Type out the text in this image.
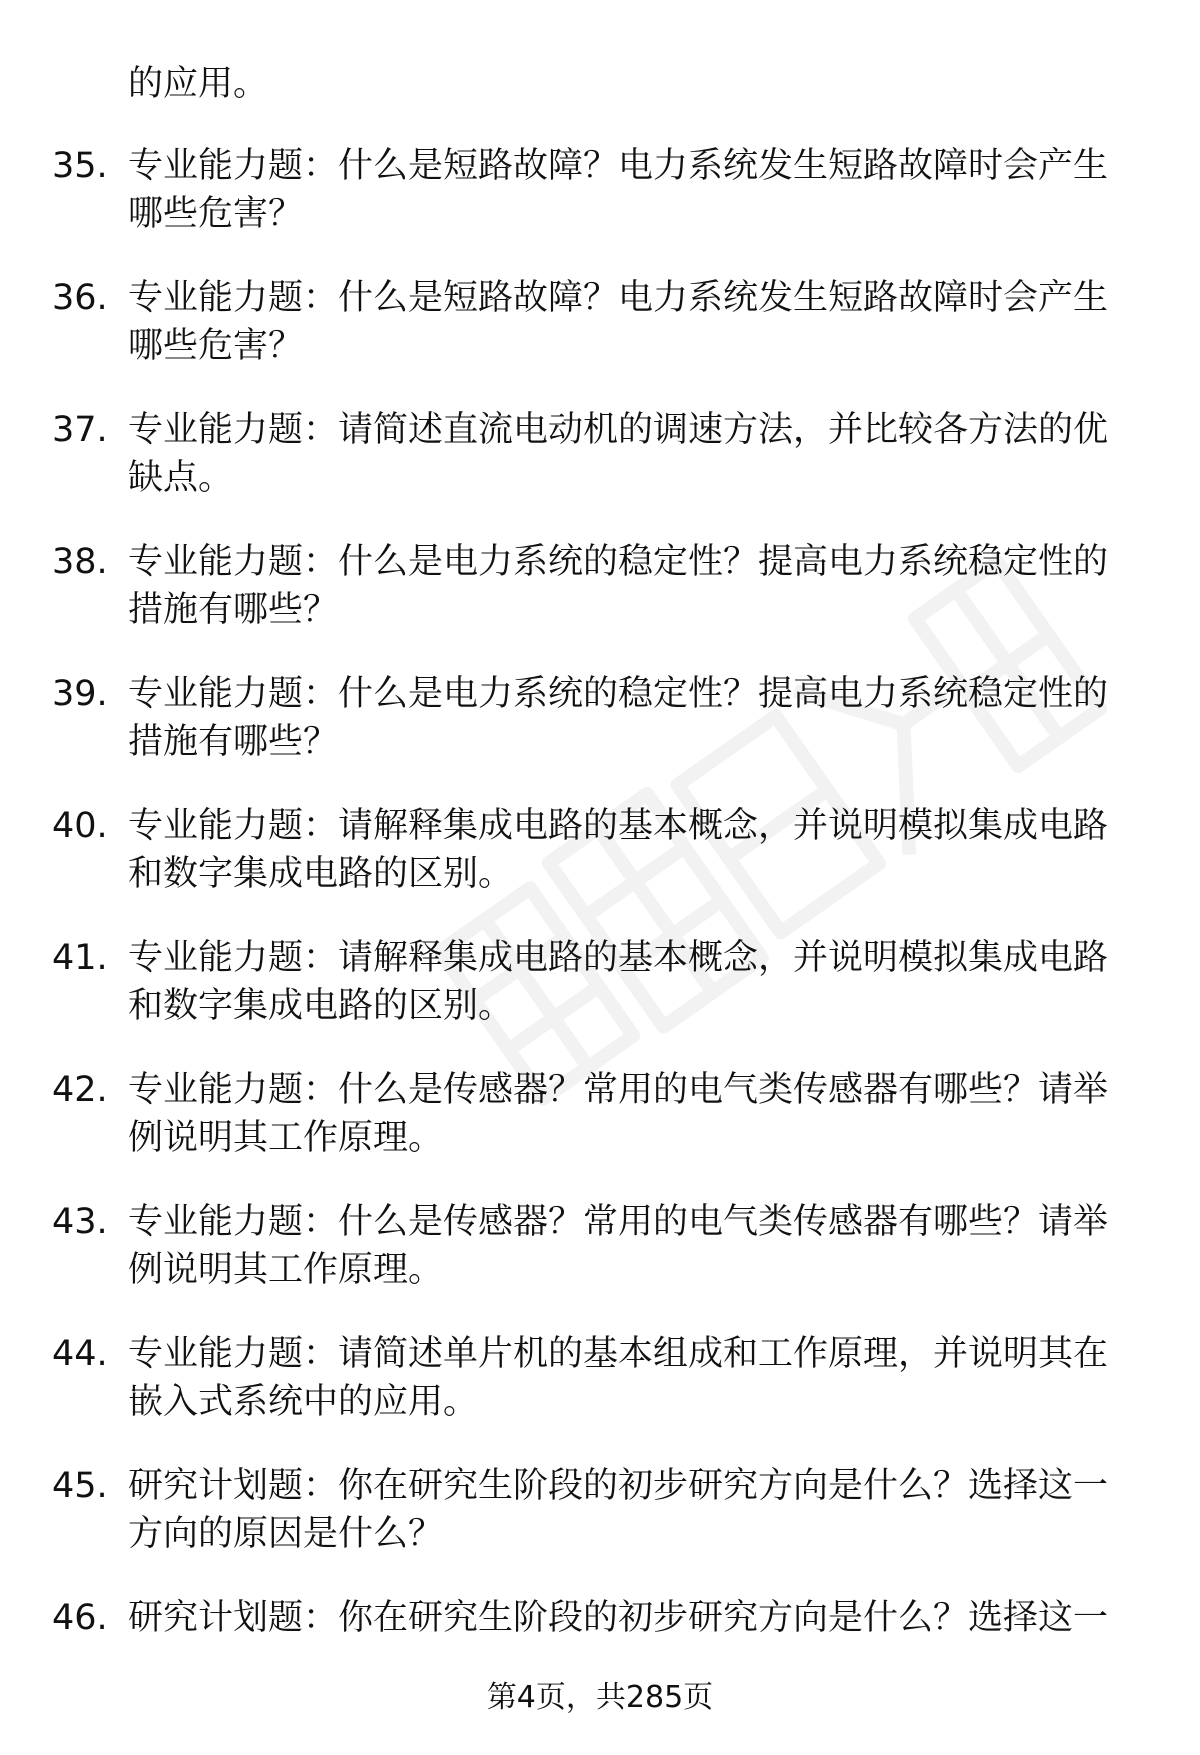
的应用。
35. 专业能力题：什么是短路故障？电力系统发生短路故障时会产生哪些危害？
36. 专业能力题：什么是短路故障？电力系统发生短路故障时会产生哪些危害？
37. 专业能力题：请简述直流电动机的调速方法，并比较各方法的优缺点。
38. 专业能力题：什么是电力系统的稳定性？提高电力系统稳定性的措施有哪些？
39. 专业能力题：什么是电力系统的稳定性？提高电力系统稳定性的措施有哪些？
40. 专业能力题：请解释集成电路的基本概念，并说明模拟集成电路和数字集成电路的区别。
41. 专业能力题：请解释集成电路的基本概念，并说明模拟集成电路和数字集成电路的区别。
42. 专业能力题：什么是传感器？常用的电气类传感器有哪些？请举例说明其工作原理。
43. 专业能力题：什么是传感器？常用的电气类传感器有哪些？请举例说明其工作原理。
44. 专业能力题：请简述单片机的基本组成和工作原理，并说明其在嵌入式系统中的应用。
45. 研究计划题：你在研究生阶段的初步研究方向是什么？选择这一方向的原因是什么？
46. 研究计划题：你在研究生阶段的初步研究方向是什么？选择这一
第4页，共285页
